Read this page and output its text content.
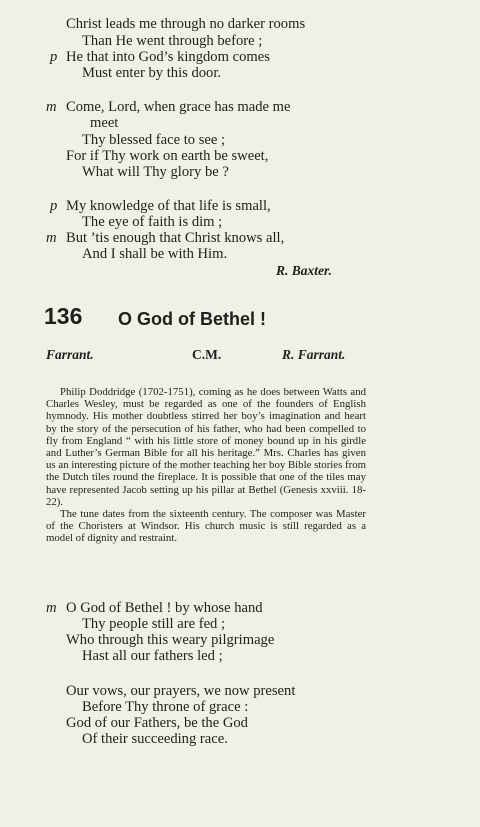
Christ leads me through no darker rooms
Than He went through before ;
p He that into God’s kingdom comes
Must enter by this door.
m Come, Lord, when grace has made me
meet
Thy blessed face to see ;
For if Thy work on earth be sweet,
What will Thy glory be ?
p My knowledge of that life is small,
The eye of faith is dim ;
m But ’tis enough that Christ knows all,
And I shall be with Him.
R. Baxter.
136 O God of Bethel !
Farrant.	C.M.	R. Farrant.

Philip Doddridge (1702-1751), coming as he does between Watts and Charles Wesley, must be regarded as one of the founders of English hymnody. His mother doubtless stirred her boy’s imagination and heart by the story of the persecution of his father, who had been compelled to fly from England “ with his little store of money bound up in his girdle and Luther’s German Bible for all his heritage.” Mrs. Charles has given us an interesting picture of the mother teaching her boy Bible stories from the Dutch tiles round the fireplace. It is possible that one of the tiles may have represented Jacob setting up his pillar at Bethel (Genesis xxviii. 18-22).

The tune dates from the sixteenth century. The composer was Master of the Choristers at Windsor. His church music is still regarded as a model of dignity and restraint.

m O God of Bethel ! by whose hand
Thy people still are fed ;
Who through this weary pilgrimage
Hast all our fathers led ;
Our vows, our prayers, we now present
Before Thy throne of grace :
God of our Fathers, be the God
Of their succeeding race.
